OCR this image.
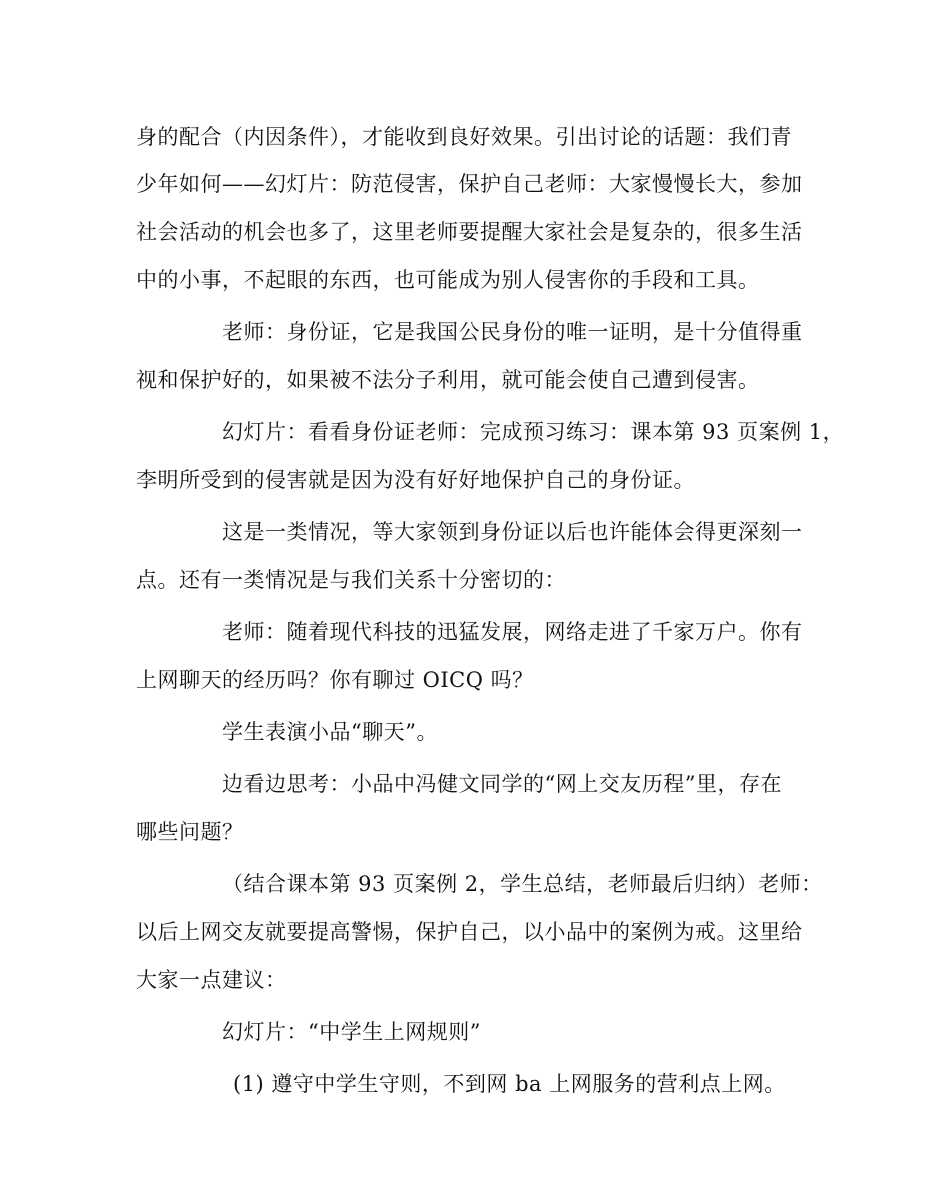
身的配合（内因条件），才能收到良好效果。引出讨论的话题：我们青
少年如何——幻灯片：防范侵害，保护自己老师：大家慢慢长大，参加
社会活动的机会也多了，这里老师要提醒大家社会是复杂的，很多生活
中的小事，不起眼的东西，也可能成为别人侵害你的手段和工具。
老师：身份证，它是我国公民身份的唯一证明，是十分值得重
视和保护好的，如果被不法分子利用，就可能会使自己遭到侵害。
幻灯片：看看身份证老师：完成预习练习：课本第 93 页案例 1，
李明所受到的侵害就是因为没有好好地保护自己的身份证。
这是一类情况，等大家领到身份证以后也许能体会得更深刻一
点。还有一类情况是与我们关系十分密切的：
老师：随着现代科技的迅猛发展，网络走进了千家万户。你有
上网聊天的经历吗？你有聊过 OICQ 吗？
学生表演小品“聊天”。
边看边思考：小品中冯健文同学的“网上交友历程”里，存在
哪些问题？
（结合课本第 93 页案例 2，学生总结，老师最后归纳）老师：
以后上网交友就要提高警惕，保护自己，以小品中的案例为戒。这里给
大家一点建议：
幻灯片：“中学生上网规则”
(1) 遵守中学生守则，不到网 ba 上网服务的营利点上网。
